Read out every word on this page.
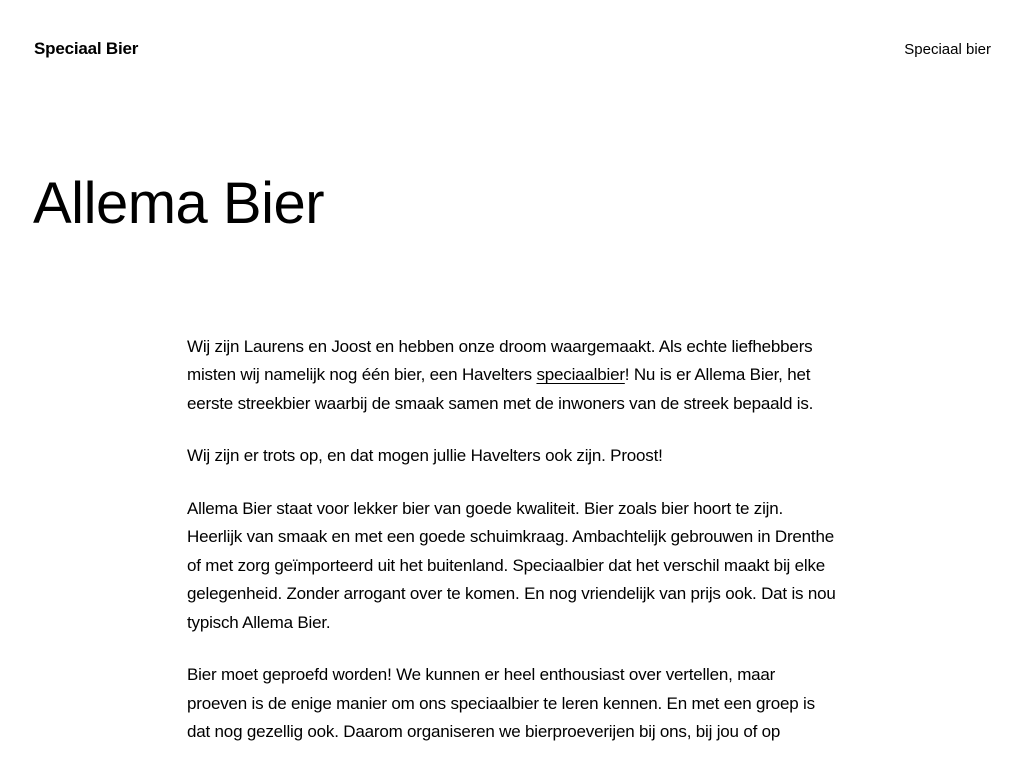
Speciaal Bier	Speciaal bier
Allema Bier

Wij zijn Laurens en Joost en hebben onze droom waargemaakt. Als echte liefhebbers misten wij namelijk nog één bier, een Havelters speciaalbier! Nu is er Allema Bier, het eerste streekbier waarbij de smaak samen met de inwoners van de streek bepaald is.

Wij zijn er trots op, en dat mogen jullie Havelters ook zijn. Proost!

Allema Bier staat voor lekker bier van goede kwaliteit. Bier zoals bier hoort te zijn. Heerlijk van smaak en met een goede schuimkraag. Ambachtelijk gebrouwen in Drenthe of met zorg geïmporteerd uit het buitenland. Speciaalbier dat het verschil maakt bij elke gelegenheid. Zonder arrogant over te komen. En nog vriendelijk van prijs ook. Dat is nou typisch Allema Bier.

Bier moet geproefd worden! We kunnen er heel enthousiast over vertellen, maar proeven is de enige manier om ons speciaalbier te leren kennen. En met een groep is dat nog gezellig ook. Daarom organiseren we bierproeverijen bij ons, bij jou of op
